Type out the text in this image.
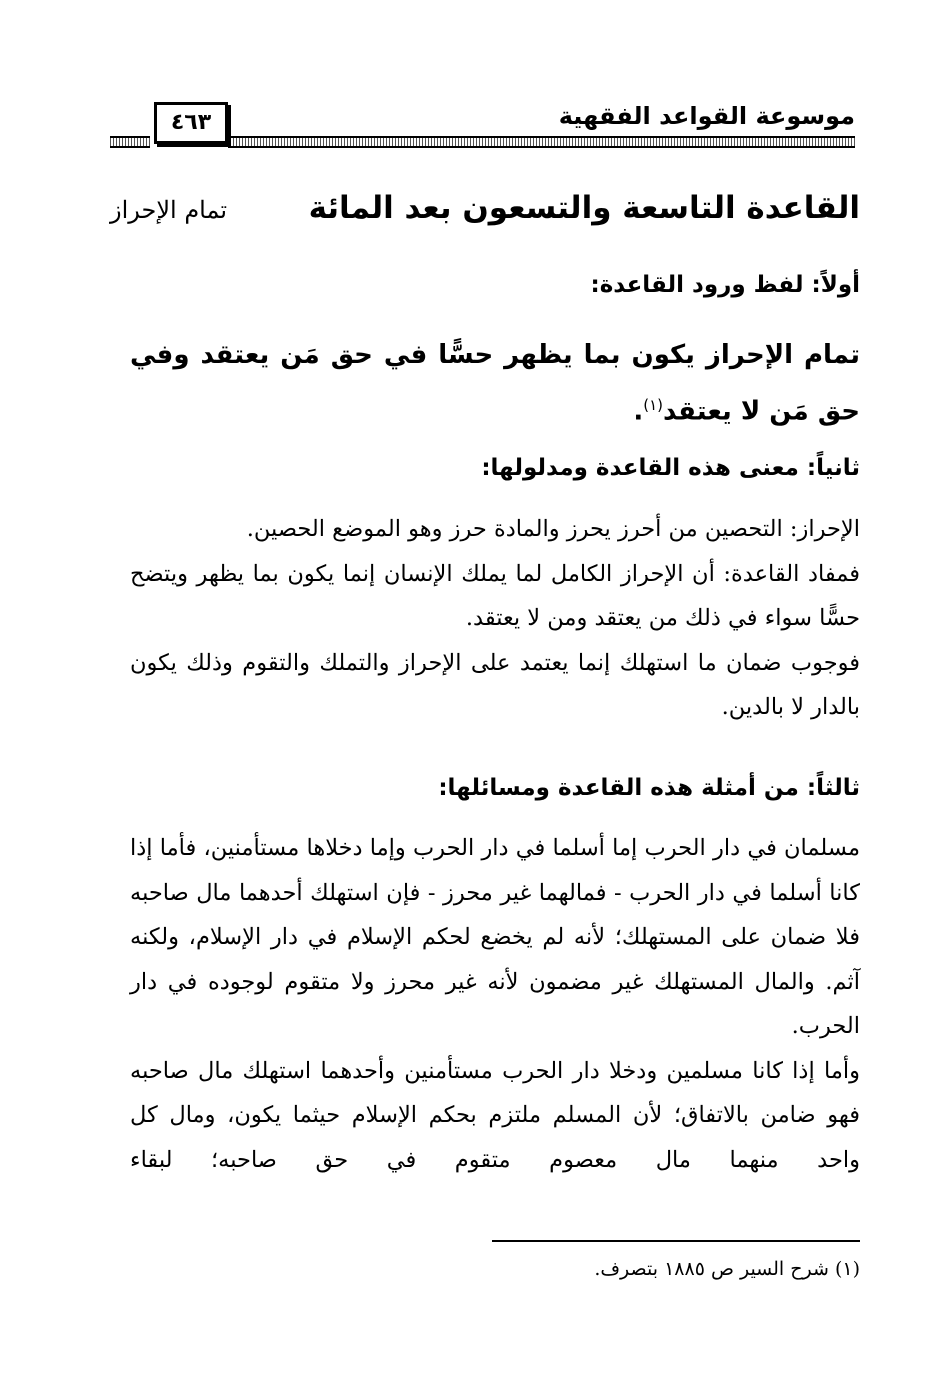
موسوعة القواعد الفقهية
٤٦٣
القاعدة التاسعة والتسعون بعد المائة
تمام الإحراز
أولاً: لفظ ورود القاعدة:
تمام الإحراز يكون بما يظهر حسًّا في حق مَن يعتقد وفي حق مَن لا يعتقد$^{(١)}$.
ثانياً: معنى هذه القاعدة ومدلولها:

الإحراز: التحصين من أحرز يحرز والمادة حرز وهو الموضع الحصين.

فمفاد القاعدة: أن الإحراز الكامل لما يملك الإنسان إنما يكون بما يظهر ويتضح حسًّا سواء في ذلك من يعتقد ومن لا يعتقد.

فوجوب ضمان ما استهلك إنما يعتمد على الإحراز والتملك والتقوم وذلك يكون بالدار لا بالدين.

ثالثاً: من أمثلة هذه القاعدة ومسائلها:

مسلمان في دار الحرب إما أسلما في دار الحرب وإما دخلاها مستأمنين، فأما إذا كانا أسلما في دار الحرب - فمالهما غير محرز - فإن استهلك أحدهما مال صاحبه فلا ضمان على المستهلك؛ لأنه لم يخضع لحكم الإسلام في دار الإسلام، ولكنه آثم. والمال المستهلك غير مضمون لأنه غير محرز ولا متقوم لوجوده في دار الحرب.

وأما إذا كانا مسلمين ودخلا دار الحرب مستأمنين وأحدهما استهلك مال صاحبه فهو ضامن بالاتفاق؛ لأن المسلم ملتزم بحكم الإسلام حيثما يكون، ومال كل واحد منهما مال معصوم متقوم في حق صاحبه؛ لبقاء

(١) شرح السير ص ١٨٨٥ بتصرف.
